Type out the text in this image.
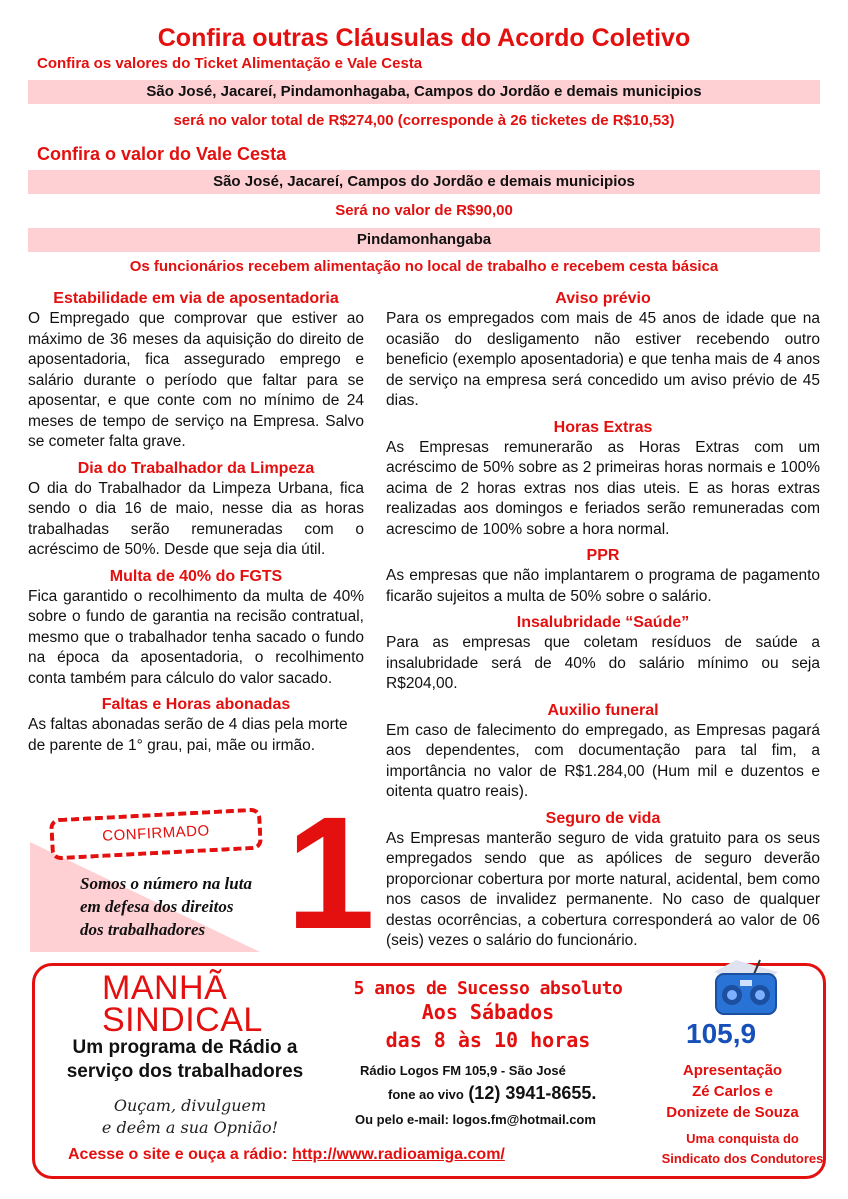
Confira outras Cláusulas do Acordo Coletivo
Confira os valores do Ticket Alimentação e Vale Cesta
São José, Jacareí, Pindamonhagaba, Campos do Jordão e demais municipios
será no valor total de R$274,00 (corresponde à 26 ticketes de R$10,53)
Confira o valor do Vale Cesta
São José, Jacareí, Campos do Jordão e demais municipios
Será no valor de R$90,00
Pindamonhangaba
Os funcionários recebem alimentação no local de trabalho e recebem cesta básica
Estabilidade em via de aposentadoria

O Empregado que comprovar que estiver ao máximo de 36 meses da aquisição do direito de aposentadoria, fica assegurado emprego e salário durante o período que faltar para se aposentar, e que conte com no mínimo de 24 meses de tempo de serviço na Empresa. Salvo se cometer falta grave.

Dia do Trabalhador da Limpeza

O dia do Trabalhador da Limpeza Urbana, fica sendo o dia 16 de maio, nesse dia as horas trabalhadas serão remuneradas com o acréscimo de 50%. Desde que seja dia útil.

Multa de 40% do FGTS

Fica garantido o recolhimento da multa de 40% sobre o fundo de garantia na recisão contratual, mesmo que o trabalhador tenha sacado o fundo na época da aposentadoria, o recolhimento conta também para cálculo do valor sacado.

Faltas e Horas abonadas

As faltas abonadas serão de 4 dias pela morte de parente de 1° grau, pai, mãe ou irmão.

Aviso prévio

Para os empregados com mais de 45 anos de idade que na ocasião do desligamento não estiver recebendo outro beneficio (exemplo aposentadoria) e que tenha mais de 4 anos de serviço na empresa será concedido um aviso prévio de 45 dias.

Horas Extras

As Empresas remunerarão as Horas Extras com um acréscimo de 50% sobre as 2 primeiras horas normais e 100% acima de 2 horas extras nos dias uteis. E as horas extras realizadas aos domingos e feriados serão remuneradas com acrescimo de 100% sobre a hora normal.

PPR

As empresas que não implantarem o programa de pagamento ficarão sujeitos a multa de 50% sobre o salário.

Insalubridade “Saúde”

Para as empresas que coletam resíduos de saúde a insalubridade será de 40% do salário mínimo ou seja R$204,00.

Auxilio funeral

Em caso de falecimento do empregado, as Empresas pagará aos dependentes, com documentação para tal fim, a importância no valor de R$1.284,00 (Hum mil e duzentos e oitenta quatro reais).

Seguro de vida

As Empresas manterão seguro de vida gratuito para os seus empregados sendo que as apólices de seguro deverão proporcionar cobertura por morte natural, acidental, bem como nos casos de invalidez permanente. No caso de qualquer destas ocorrências, a cobertura corresponderá ao valor de 06 (seis) vezes o salário do funcionário.

CONFIRMADO
Somos o número na luta
em defesa dos direitos
dos trabalhadores 1
MANHÃ
SINDICAL
Um programa de Rádio a
serviço dos trabalhadores
Ouçam, divulguem
e deêm a sua Opnião!
Acesse o site e ouça a rádio: http://www.radioamiga.com/
5 anos de Sucesso absoluto
Aos Sábados
das 8 às 10 horas
Rádio Logos FM 105,9 - São José
fone ao vivo (12) 3941-8655.
Ou pelo e-mail: logos.fm@hotmail.com
105,9
Apresentação
Zé Carlos e
Donizete de Souza
Uma conquista do
Sindicato dos Condutores
